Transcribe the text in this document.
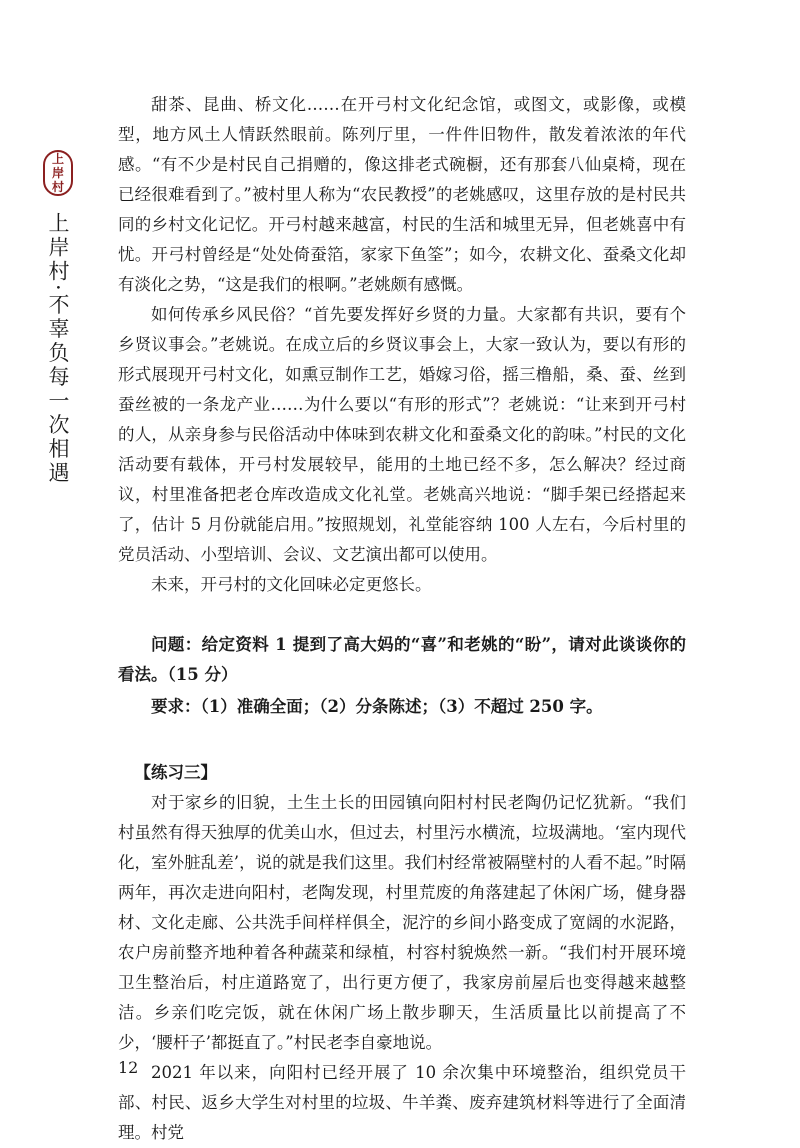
上
岸
村
上岸村·不辜负每一次相遇

甜茶、昆曲、桥文化……在开弓村文化纪念馆，或图文，或影像，或模型，地方风土人情跃然眼前。陈列厅里，一件件旧物件，散发着浓浓的年代感。“有不少是村民自己捐赠的，像这排老式碗橱，还有那套八仙桌椅，现在已经很难看到了。”被村里人称为“农民教授”的老姚感叹，这里存放的是村民共同的乡村文化记忆。开弓村越来越富，村民的生活和城里无异，但老姚喜中有忧。开弓村曾经是“处处倚蚕箔，家家下鱼筌”；如今，农耕文化、蚕桑文化却有淡化之势，“这是我们的根啊。”老姚颇有感慨。

如何传承乡风民俗？“首先要发挥好乡贤的力量。大家都有共识，要有个乡贤议事会。”老姚说。在成立后的乡贤议事会上，大家一致认为，要以有形的形式展现开弓村文化，如熏豆制作工艺，婚嫁习俗，摇三橹船，桑、蚕、丝到蚕丝被的一条龙产业……为什么要以“有形的形式”？老姚说：“让来到开弓村的人，从亲身参与民俗活动中体味到农耕文化和蚕桑文化的韵味。”村民的文化活动要有载体，开弓村发展较早，能用的土地已经不多，怎么解决？经过商议，村里准备把老仓库改造成文化礼堂。老姚高兴地说：“脚手架已经搭起来了，估计 5 月份就能启用。”按照规划，礼堂能容纳 100 人左右，今后村里的党员活动、小型培训、会议、文艺演出都可以使用。

未来，开弓村的文化回味必定更悠长。

问题：给定资料 1 提到了高大妈的“喜”和老姚的“盼”，请对此谈谈你的看法。（15 分）

要求：（1）准确全面；（2）分条陈述；（3）不超过 250 字。

【练习三】

对于家乡的旧貌，土生土长的田园镇向阳村村民老陶仍记忆犹新。“我们村虽然有得天独厚的优美山水，但过去，村里污水横流，垃圾满地。‘室内现代化，室外脏乱差’，说的就是我们这里。我们村经常被隔壁村的人看不起。”时隔两年，再次走进向阳村，老陶发现，村里荒废的角落建起了休闲广场，健身器材、文化走廊、公共洗手间样样俱全，泥泞的乡间小路变成了宽阔的水泥路，农户房前整齐地种着各种蔬菜和绿植，村容村貌焕然一新。“我们村开展环境卫生整治后，村庄道路宽了，出行更方便了，我家房前屋后也变得越来越整洁。乡亲们吃完饭，就在休闲广场上散步聊天，生活质量比以前提高了不少，‘腰杆子’都挺直了。”村民老李自豪地说。

2021 年以来，向阳村已经开展了 10 余次集中环境整治，组织党员干部、村民、返乡大学生对村里的垃圾、牛羊粪、废弃建筑材料等进行了全面清理。村党

12
